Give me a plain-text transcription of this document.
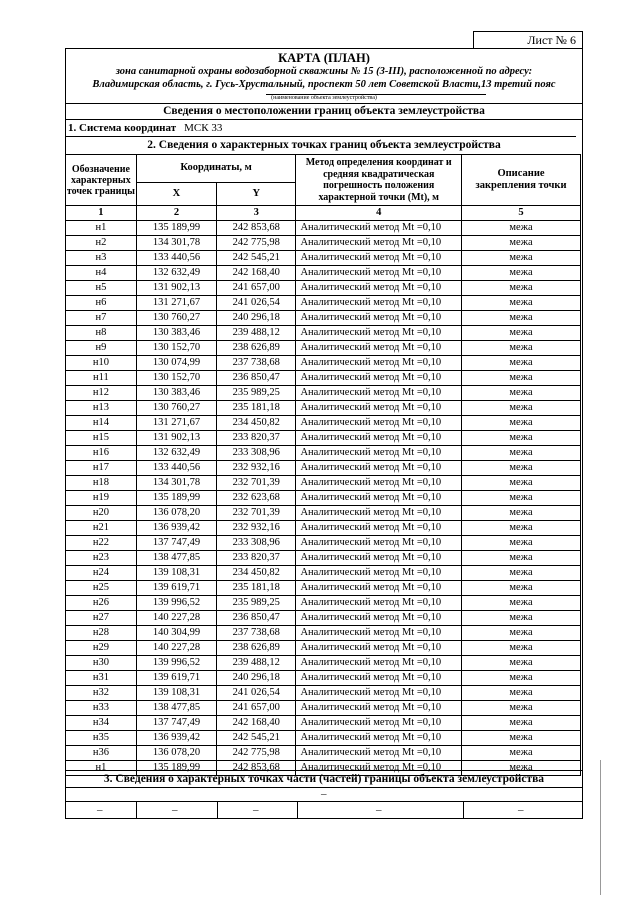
Лист № 6
КАРТА (ПЛАН)
зона санитарной охраны водозаборной скважины № 15 (3-III), расположенной по адресу:
Владимирская область, г. Гусь-Хрустальный, проспект 50 лет Советской Власти,13 третий пояс
(наименование объекта землеустройства)
Сведения о местоположении границ объекта землеустройства
1. Система координат МСК 33
2. Сведения о характерных точках границ объекта землеустройства
Обозначение характерных точек границы	Координаты, м		Метод определения координат и средняя квадратическая погрешность положения характерной точки (Mt), м	Описание закрепления точки
	X	Y		
1	2	3	4	5
н1	135 189,99	242 853,68	Аналитический метод Mt =0,10	межа
н2	134 301,78	242 775,98	Аналитический метод Mt =0,10	межа
н3	133 440,56	242 545,21	Аналитический метод Mt =0,10	межа
н4	132 632,49	242 168,40	Аналитический метод Mt =0,10	межа
н5	131 902,13	241 657,00	Аналитический метод Mt =0,10	межа
н6	131 271,67	241 026,54	Аналитический метод Mt =0,10	межа
н7	130 760,27	240 296,18	Аналитический метод Mt =0,10	межа
н8	130 383,46	239 488,12	Аналитический метод Mt =0,10	межа
н9	130 152,70	238 626,89	Аналитический метод Mt =0,10	межа
н10	130 074,99	237 738,68	Аналитический метод Mt =0,10	межа
н11	130 152,70	236 850,47	Аналитический метод Mt =0,10	межа
н12	130 383,46	235 989,25	Аналитический метод Mt =0,10	межа
н13	130 760,27	235 181,18	Аналитический метод Mt =0,10	межа
н14	131 271,67	234 450,82	Аналитический метод Mt =0,10	межа
н15	131 902,13	233 820,37	Аналитический метод Mt =0,10	межа
н16	132 632,49	233 308,96	Аналитический метод Mt =0,10	межа
н17	133 440,56	232 932,16	Аналитический метод Mt =0,10	межа
н18	134 301,78	232 701,39	Аналитический метод Mt =0,10	межа
н19	135 189,99	232 623,68	Аналитический метод Mt =0,10	межа
н20	136 078,20	232 701,39	Аналитический метод Mt =0,10	межа
н21	136 939,42	232 932,16	Аналитический метод Mt =0,10	межа
н22	137 747,49	233 308,96	Аналитический метод Mt =0,10	межа
н23	138 477,85	233 820,37	Аналитический метод Mt =0,10	межа
н24	139 108,31	234 450,82	Аналитический метод Mt =0,10	межа
н25	139 619,71	235 181,18	Аналитический метод Mt =0,10	межа
н26	139 996,52	235 989,25	Аналитический метод Mt =0,10	межа
н27	140 227,28	236 850,47	Аналитический метод Mt =0,10	межа
н28	140 304,99	237 738,68	Аналитический метод Mt =0,10	межа
н29	140 227,28	238 626,89	Аналитический метод Mt =0,10	межа
н30	139 996,52	239 488,12	Аналитический метод Mt =0,10	межа
н31	139 619,71	240 296,18	Аналитический метод Mt =0,10	межа
н32	139 108,31	241 026,54	Аналитический метод Mt =0,10	межа
н33	138 477,85	241 657,00	Аналитический метод Mt =0,10	межа
н34	137 747,49	242 168,40	Аналитический метод Mt =0,10	межа
н35	136 939,42	242 545,21	Аналитический метод Mt =0,10	межа
н36	136 078,20	242 775,98	Аналитический метод Mt =0,10	межа
н1	135 189,99	242 853,68	Аналитический метод Mt =0,10	межа
3. Сведения о характерных точках части (частей) границы объекта землеустройства
–
–	–	–	–	–
